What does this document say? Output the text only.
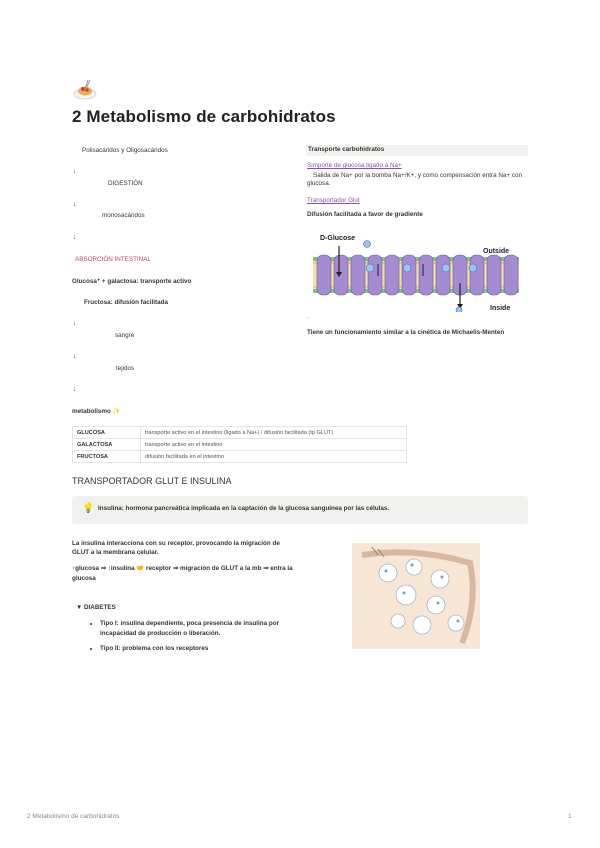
2 Metabolismo de carbohidratos
Polisacáridos y Oligosacáridos
↓
DIGESTIÓN
↓
monosacáridos
↓
ABSORCIÓN INTESTINAL
Glucosa⁺ + galactosa: transporte activo
Fructosa: difusión facilitada
↓
sangre
↓
tejidos
↓
metabolismo ✨
Transporte carbohidratos
Simporte de glucosa ligado a Na+
Salida de Na+ por la bomba Na+/K+, y como compensación entra Na+ con glucosa.
Transportador Glut
Difusión facilitada a favor de gradiente
D-Glucose
Outside
Inside
·
Tiene un funcionamiento similar a la cinética de Michaelis-Menten
GLUCOSA	transporte activo en el intestino (ligado a Na+) / difusión facilitada (tp GLUT)
GALACTOSA	transporte activo en el intestino
FRUCTOSA	difusión facilitada en el intestino
TRANSPORTADOR GLUT E INSULINA
💡 Insulina: hormona pancreática implicada en la captación de la glucosa sanguínea por las células.
La insulina interacciona con su receptor, provocando la migración de GLUT a la membrana celular.
↑glucosa ⇒ ↑insulina 🤝 receptor ⇒ migración de GLUT a la mb ⇒ entra la glucosa
▼ DIABETES
• Tipo I: insulina dependiente, poca presencia de insulina por incapacidad de producción o liberación.
• Tipo II: problema con los receptores
2 Metabolismo de carbohidratos	1
